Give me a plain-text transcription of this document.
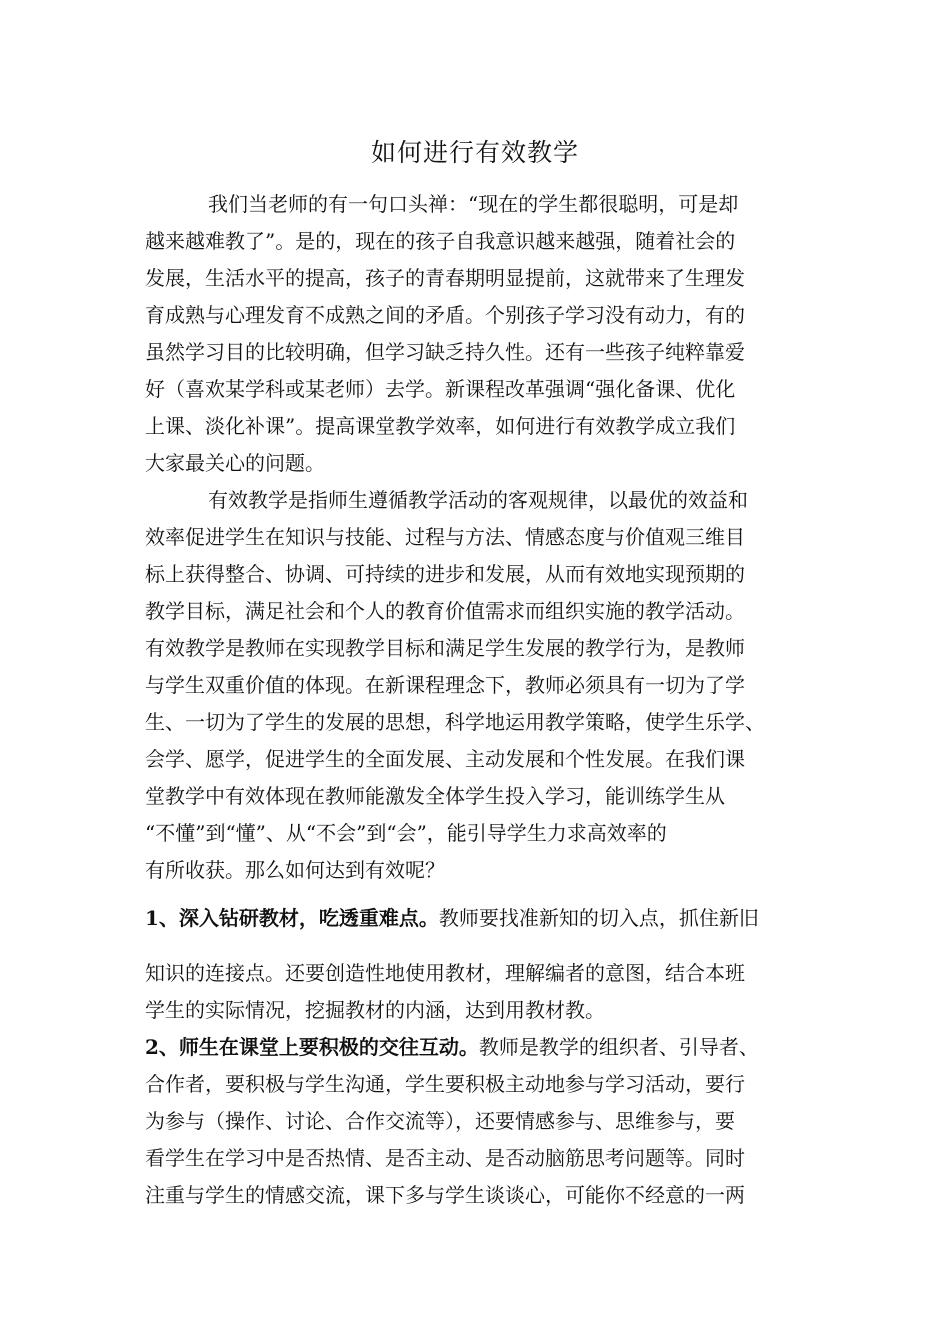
如何进行有效教学

我们当老师的有一句口头禅：“现在的学生都很聪明，可是却

越来越难教了”。是的，现在的孩子自我意识越来越强，随着社会的

发展，生活水平的提高，孩子的青春期明显提前，这就带来了生理发

育成熟与心理发育不成熟之间的矛盾。个别孩子学习没有动力，有的

虽然学习目的比较明确，但学习缺乏持久性。还有一些孩子纯粹靠爱

好（喜欢某学科或某老师）去学。新课程改革强调“强化备课、优化

上课、淡化补课”。提高课堂教学效率，如何进行有效教学成立我们

大家最关心的问题。

有效教学是指师生遵循教学活动的客观规律，以最优的效益和

效率促进学生在知识与技能、过程与方法、情感态度与价值观三维目

标上获得整合、协调、可持续的进步和发展，从而有效地实现预期的

教学目标，满足社会和个人的教育价值需求而组织实施的教学活动。

有效教学是教师在实现教学目标和满足学生发展的教学行为，是教师

与学生双重价值的体现。在新课程理念下，教师必须具有一切为了学

生、一切为了学生的发展的思想，科学地运用教学策略，使学生乐学、

会学、愿学，促进学生的全面发展、主动发展和个性发展。在我们课

堂教学中有效体现在教师能激发全体学生投入学习，能训练学生从

“不懂”到“懂”、从“不会”到“会”，能引导学生力求高效率的

有所收获。那么如何达到有效呢？

1、深入钻研教材，吃透重难点。教师要找准新知的切入点，抓住新旧

知识的连接点。还要创造性地使用教材，理解编者的意图，结合本班

学生的实际情况，挖掘教材的内涵，达到用教材教。

2、师生在课堂上要积极的交往互动。教师是教学的组织者、引导者、

合作者，要积极与学生沟通，学生要积极主动地参与学习活动，要行

为参与（操作、讨论、合作交流等），还要情感参与、思维参与，要

看学生在学习中是否热情、是否主动、是否动脑筋思考问题等。同时

注重与学生的情感交流，课下多与学生谈谈心，可能你不经意的一两
